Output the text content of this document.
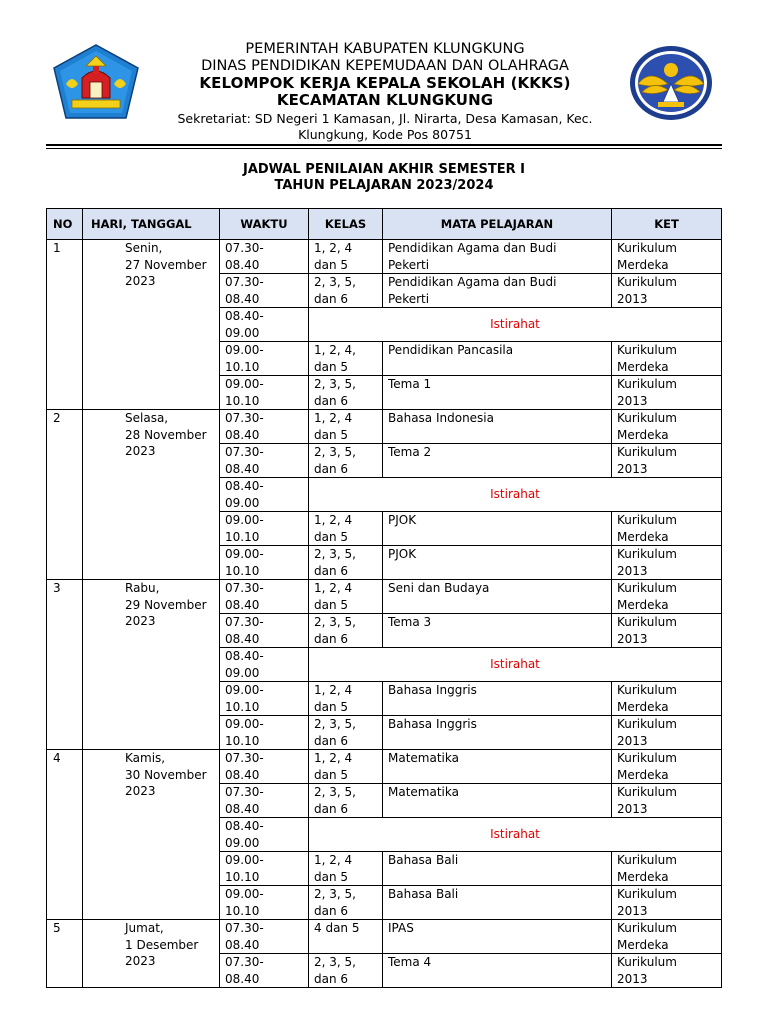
PEMERINTAH KABUPATEN KLUNGKUNG
DINAS PENDIDIKAN KEPEMUDAAN DAN OLAHRAGA
KELOMPOK KERJA KEPALA SEKOLAH (KKKS)
KECAMATAN KLUNGKUNG
Sekretariat: SD Negeri 1 Kamasan, Jl. Nirarta, Desa Kamasan, Kec.
Klungkung, Kode Pos 80751
JADWAL PENILAIAN AKHIR SEMESTER I
TAHUN PELAJARAN 2023/2024
NO	HARI, TANGGAL	WAKTU	KELAS	MATA PELAJARAN	KET

1	Senin,
27 November
2023	07.30-
08.40	1, 2, 4
dan 5	Pendidikan Agama dan Budi
Pekerti	Kurikulum
Merdeka

		07.30-
08.40	2, 3, 5,
dan 6	Pendidikan Agama dan Budi
Pekerti	Kurikulum
2013

		08.40-
09.00	Istirahat		

		09.00-
10.10	1, 2, 4,
dan 5	Pendidikan Pancasila	Kurikulum
Merdeka

		09.00-
10.10	2, 3, 5,
dan 6	Tema 1	Kurikulum
2013

2	Selasa,
28 November
2023	07.30-
08.40	1, 2, 4
dan 5	Bahasa Indonesia	Kurikulum
Merdeka

		07.30-
08.40	2, 3, 5,
dan 6	Tema 2	Kurikulum
2013

		08.40-
09.00	Istirahat		

		09.00-
10.10	1, 2, 4
dan 5	PJOK	Kurikulum
Merdeka

		09.00-
10.10	2, 3, 5,
dan 6	PJOK	Kurikulum
2013

3	Rabu,
29 November
2023	07.30-
08.40	1, 2, 4
dan 5	Seni dan Budaya	Kurikulum
Merdeka

		07.30-
08.40	2, 3, 5,
dan 6	Tema 3	Kurikulum
2013

		08.40-
09.00	Istirahat		

		09.00-
10.10	1, 2, 4
dan 5	Bahasa Inggris	Kurikulum
Merdeka

		09.00-
10.10	2, 3, 5,
dan 6	Bahasa Inggris	Kurikulum
2013

4	Kamis,
30 November
2023	07.30-
08.40	1, 2, 4
dan 5	Matematika	Kurikulum
Merdeka

		07.30-
08.40	2, 3, 5,
dan 6	Matematika	Kurikulum
2013

		08.40-
09.00	Istirahat		

		09.00-
10.10	1, 2, 4
dan 5	Bahasa Bali	Kurikulum
Merdeka

		09.00-
10.10	2, 3, 5,
dan 6	Bahasa Bali	Kurikulum
2013

5	Jumat,
1 Desember 2023	07.30-
08.40	4 dan 5	IPAS	Kurikulum
Merdeka

		07.30-
08.40	2, 3, 5,
dan 6	Tema 4	Kurikulum
2013
